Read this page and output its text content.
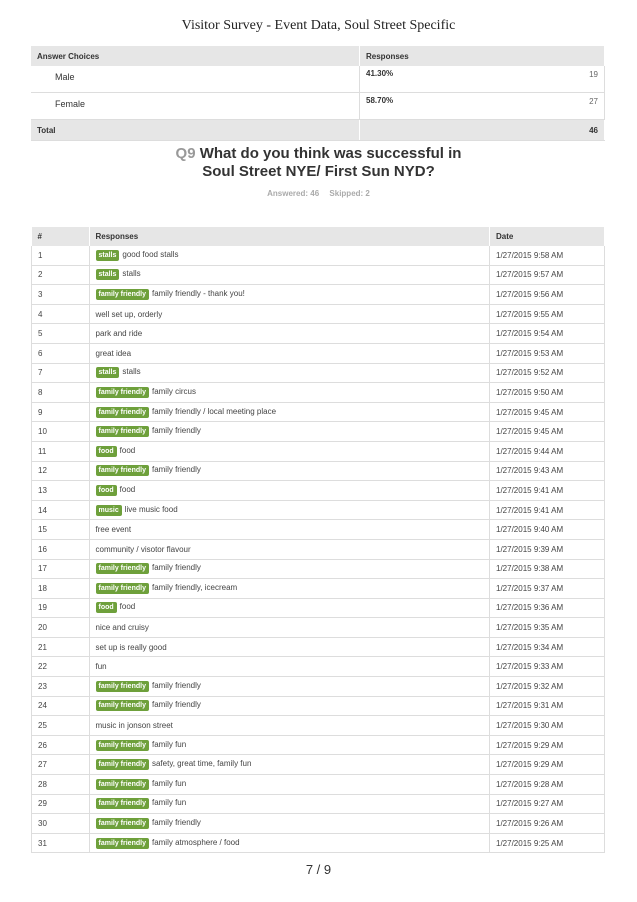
Visitor Survey - Event Data, Soul Street Specific
Answer Choices	Responses
Male	41.30% 19

Female	58.70% 27

Total	46
Q9 What do you think was successful in
Soul Street NYE/ First Sun NYD?
Answered: 46 Skipped: 2
#	Responses	Date
1	stalls good food stalls	1/27/2015 9:58 AM
2	stalls stalls	1/27/2015 9:57 AM
3	family friendly family friendly - thank you!	1/27/2015 9:56 AM
4	well set up, orderly	1/27/2015 9:55 AM
5	park and ride	1/27/2015 9:54 AM
6	great idea	1/27/2015 9:53 AM
7	stalls stalls	1/27/2015 9:52 AM
8	family friendly family circus	1/27/2015 9:50 AM
9	family friendly family friendly / local meeting place	1/27/2015 9:45 AM
10	family friendly family friendly	1/27/2015 9:45 AM
11	food food	1/27/2015 9:44 AM
12	family friendly family friendly	1/27/2015 9:43 AM
13	food food	1/27/2015 9:41 AM
14	music live music food	1/27/2015 9:41 AM
15	free event	1/27/2015 9:40 AM
16	community / visotor flavour	1/27/2015 9:39 AM
17	family friendly family friendly	1/27/2015 9:38 AM
18	family friendly family friendly, icecream	1/27/2015 9:37 AM
19	food food	1/27/2015 9:36 AM
20	nice and cruisy	1/27/2015 9:35 AM
21	set up is really good	1/27/2015 9:34 AM
22	fun	1/27/2015 9:33 AM
23	family friendly family friendly	1/27/2015 9:32 AM
24	family friendly family friendly	1/27/2015 9:31 AM
25	music in jonson street	1/27/2015 9:30 AM
26	family friendly family fun	1/27/2015 9:29 AM
27	family friendly safety, great time, family fun	1/27/2015 9:29 AM
28	family friendly family fun	1/27/2015 9:28 AM
29	family friendly family fun	1/27/2015 9:27 AM
30	family friendly family friendly	1/27/2015 9:26 AM
31	family friendly family atmosphere / food	1/27/2015 9:25 AM
7 / 9
